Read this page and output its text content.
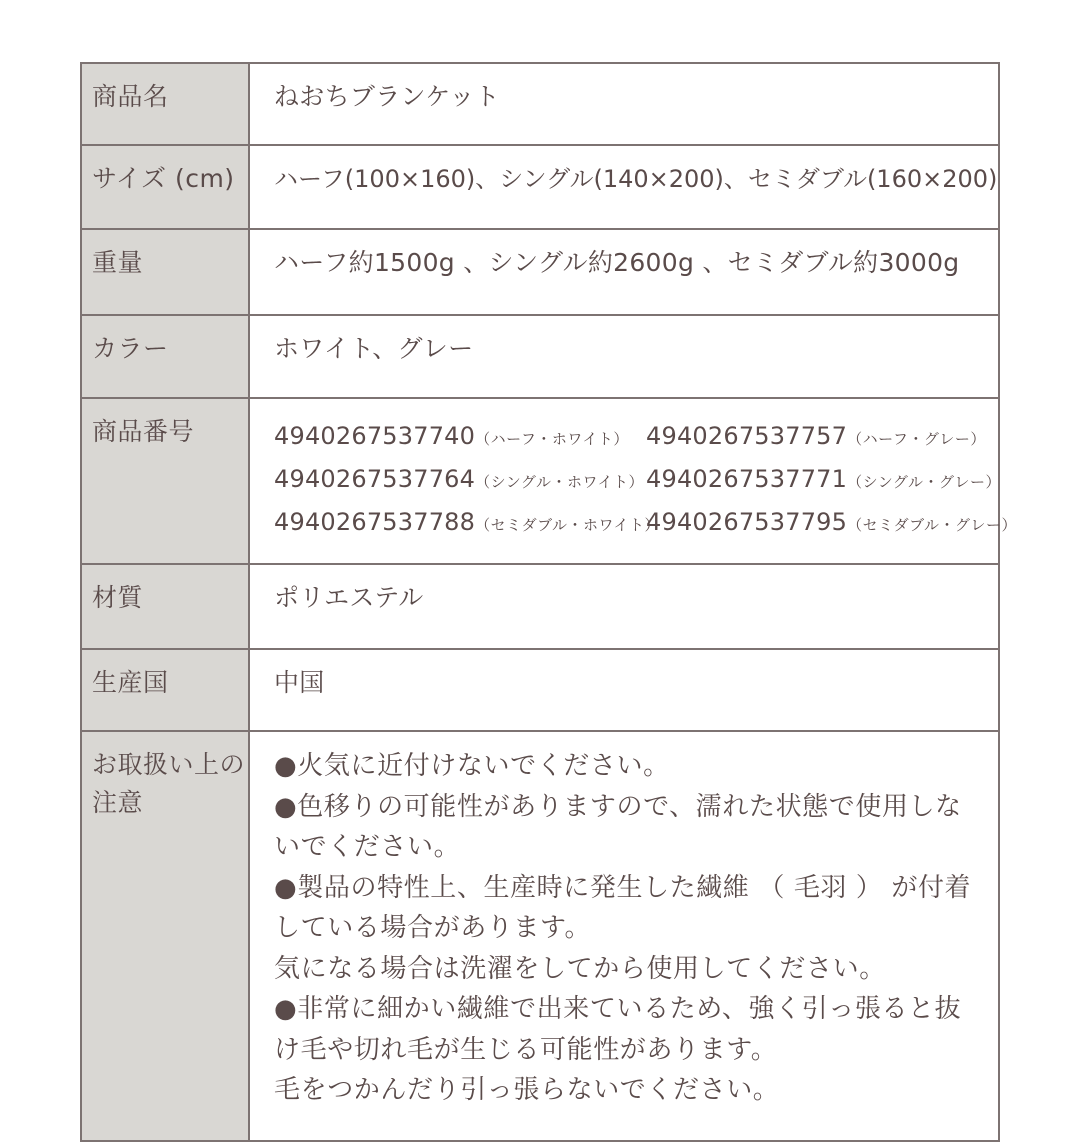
商品名	ねおちブランケット
サイズ (cm)	ハーフ(100×160)、シングル(140×200)、セミダブル(160×200)
重量	ハーフ約1500g 、シングル約2600g 、セミダブル約3000g
カラー	ホワイト、グレー
商品番号	4940267537740（ハーフ・ホワイト） 4940267537757（ハーフ・グレー）
4940267537764（シングル・ホワイト） 4940267537771（シングル・グレー）
4940267537788（セミダブル・ホワイト）
4940267537795（セミダブル・グレー）

材質	ポリエステル
生産国	中国
お取扱い上の注意	
●火気に近付けないでください。
●色移りの可能性がありますので、濡れた状態で使用しないでください。
●製品の特性上、生産時に発生した繊維 （ 毛羽 ） が付着している場合があります。
気になる場合は洗濯をしてから使用してください。
●非常に細かい繊維で出来ているため、強く引っ張ると抜け毛や切れ毛が生じる可能性があります。
毛をつかんだり引っ張らないでください。
